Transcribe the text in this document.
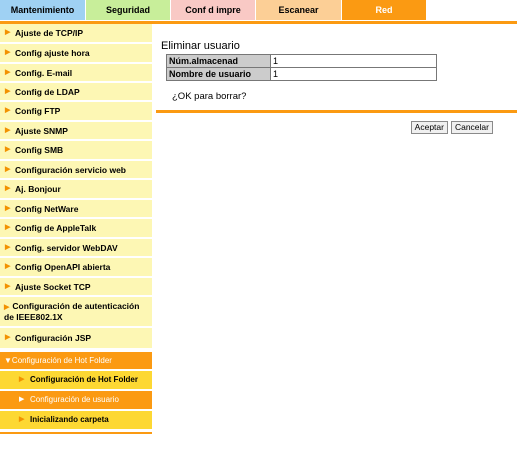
Mantenimiento	Seguridad	Conf d impre	Escanear	Red
▶ Ajuste de TCP/IP
▶ Config ajuste hora
▶ Config. E-mail
▶ Config de LDAP
▶ Config FTP
▶ Ajuste SNMP
▶ Config SMB
▶ Configuración servicio web
▶ Aj. Bonjour
▶ Config NetWare
▶ Config de AppleTalk
▶ Config. servidor WebDAV
▶ Config OpenAPI abierta
▶ Ajuste Socket TCP
▶ Configuración de autenticación de IEEE802.1X
▶ Configuración JSP
▼Configuración de Hot Folder
▶ Configuración de Hot Folder
▶ Configuración de usuario
▶ Inicializando carpeta
Eliminar usuario
Núm.almacenad	1
Nombre de usuario	1
¿OK para borrar?
Aceptar	Cancelar
